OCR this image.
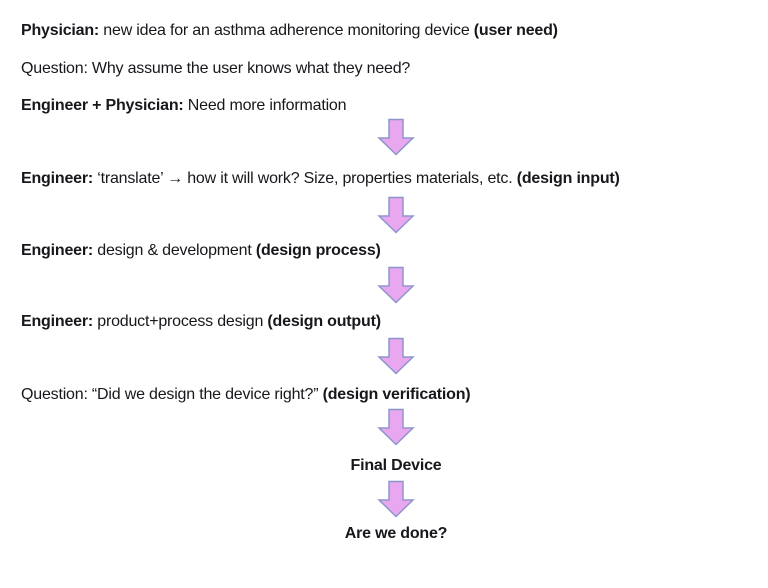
Physician: new idea for an asthma adherence monitoring device (user need)
Question: Why assume the user knows what they need?
Engineer + Physician: Need more information
Engineer: ‘translate’ → how it will work? Size, properties materials, etc. (design input)
Engineer: design & development (design process)
Engineer: product+process design (design output)
Question: “Did we design the device right?” (design verification)
Final Device
Are we done?
